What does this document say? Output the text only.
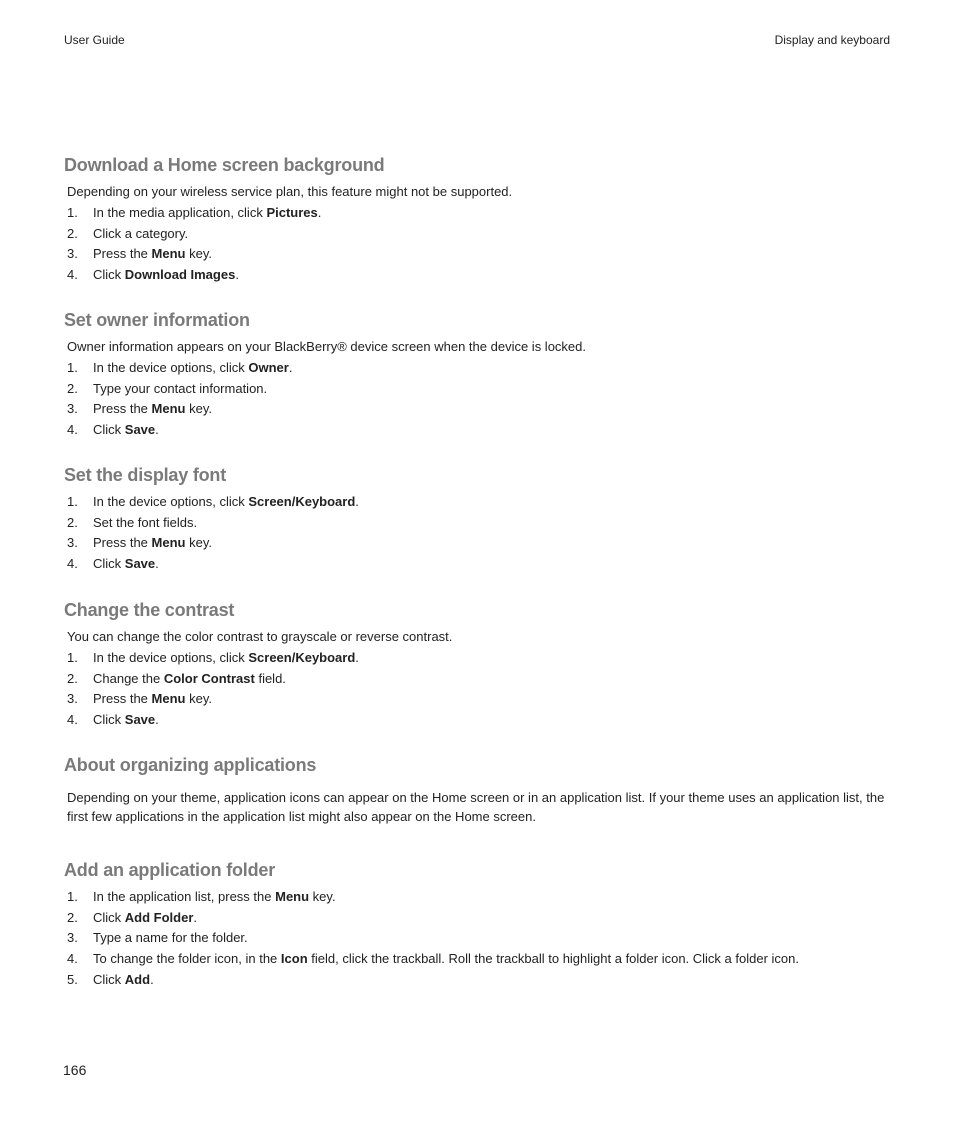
User Guide	Display and keyboard
Download a Home screen background
Depending on your wireless service plan, this feature might not be supported.
1. In the media application, click Pictures.
2. Click a category.
3. Press the Menu key.
4. Click Download Images.
Set owner information
Owner information appears on your BlackBerry® device screen when the device is locked.
1. In the device options, click Owner.
2. Type your contact information.
3. Press the Menu key.
4. Click Save.
Set the display font
1. In the device options, click Screen/Keyboard.
2. Set the font fields.
3. Press the Menu key.
4. Click Save.
Change the contrast
You can change the color contrast to grayscale or reverse contrast.
1. In the device options, click Screen/Keyboard.
2. Change the Color Contrast field.
3. Press the Menu key.
4. Click Save.
About organizing applications
Depending on your theme, application icons can appear on the Home screen or in an application list. If your theme uses an application list, the first few applications in the application list might also appear on the Home screen.
Add an application folder
1. In the application list, press the Menu key.
2. Click Add Folder.
3. Type a name for the folder.
4. To change the folder icon, in the Icon field, click the trackball. Roll the trackball to highlight a folder icon. Click a folder icon.
5. Click Add.
166
